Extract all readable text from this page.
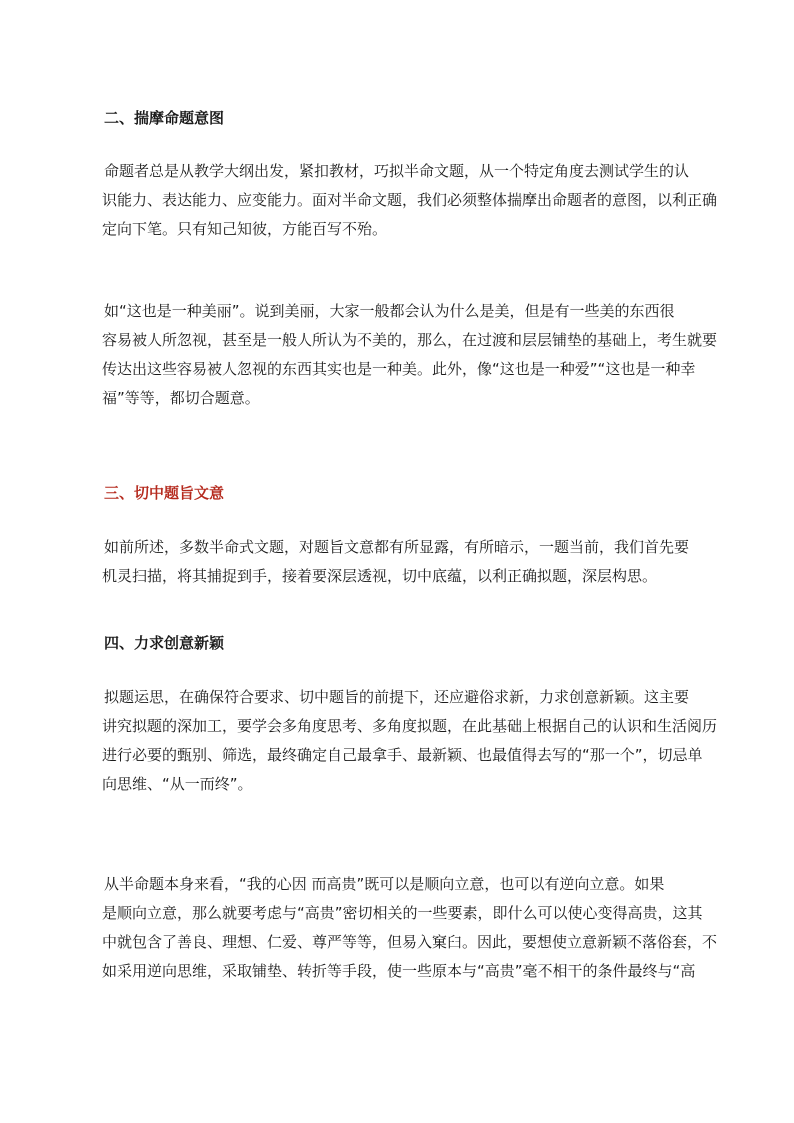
二、揣摩命题意图
命题者总是从教学大纲出发，紧扣教材，巧拟半命文题，从一个特定角度去测试学生的认
识能力、表达能力、应变能力。面对半命文题，我们必须整体揣摩出命题者的意图，以利正确
定向下笔。只有知己知彼，方能百写不殆。
如“这也是一种美丽”。说到美丽，大家一般都会认为什么是美，但是有一些美的东西很
容易被人所忽视，甚至是一般人所认为不美的，那么，在过渡和层层铺垫的基础上，考生就要
传达出这些容易被人忽视的东西其实也是一种美。此外，像“这也是一种爱”“这也是一种幸
福”等等，都切合题意。
三、切中题旨文意
如前所述，多数半命式文题，对题旨文意都有所显露，有所暗示，一题当前，我们首先要
机灵扫描，将其捕捉到手，接着要深层透视，切中底蕴，以利正确拟题，深层构思。
四、力求创意新颖
拟题运思，在确保符合要求、切中题旨的前提下，还应避俗求新，力求创意新颖。这主要
讲究拟题的深加工，要学会多角度思考、多角度拟题，在此基础上根据自己的认识和生活阅历
进行必要的甄别、筛选，最终确定自己最拿手、最新颖、也最值得去写的“那一个”，切忌单
向思维、“从一而终”。
从半命题本身来看，“我的心因 而高贵”既可以是顺向立意，也可以有逆向立意。如果
是顺向立意，那么就要考虑与“高贵”密切相关的一些要素，即什么可以使心变得高贵，这其
中就包含了善良、理想、仁爱、尊严等等，但易入窠臼。因此，要想使立意新颖不落俗套，不
如采用逆向思维，采取铺垫、转折等手段，使一些原本与“高贵”毫不相干的条件最终与“高
